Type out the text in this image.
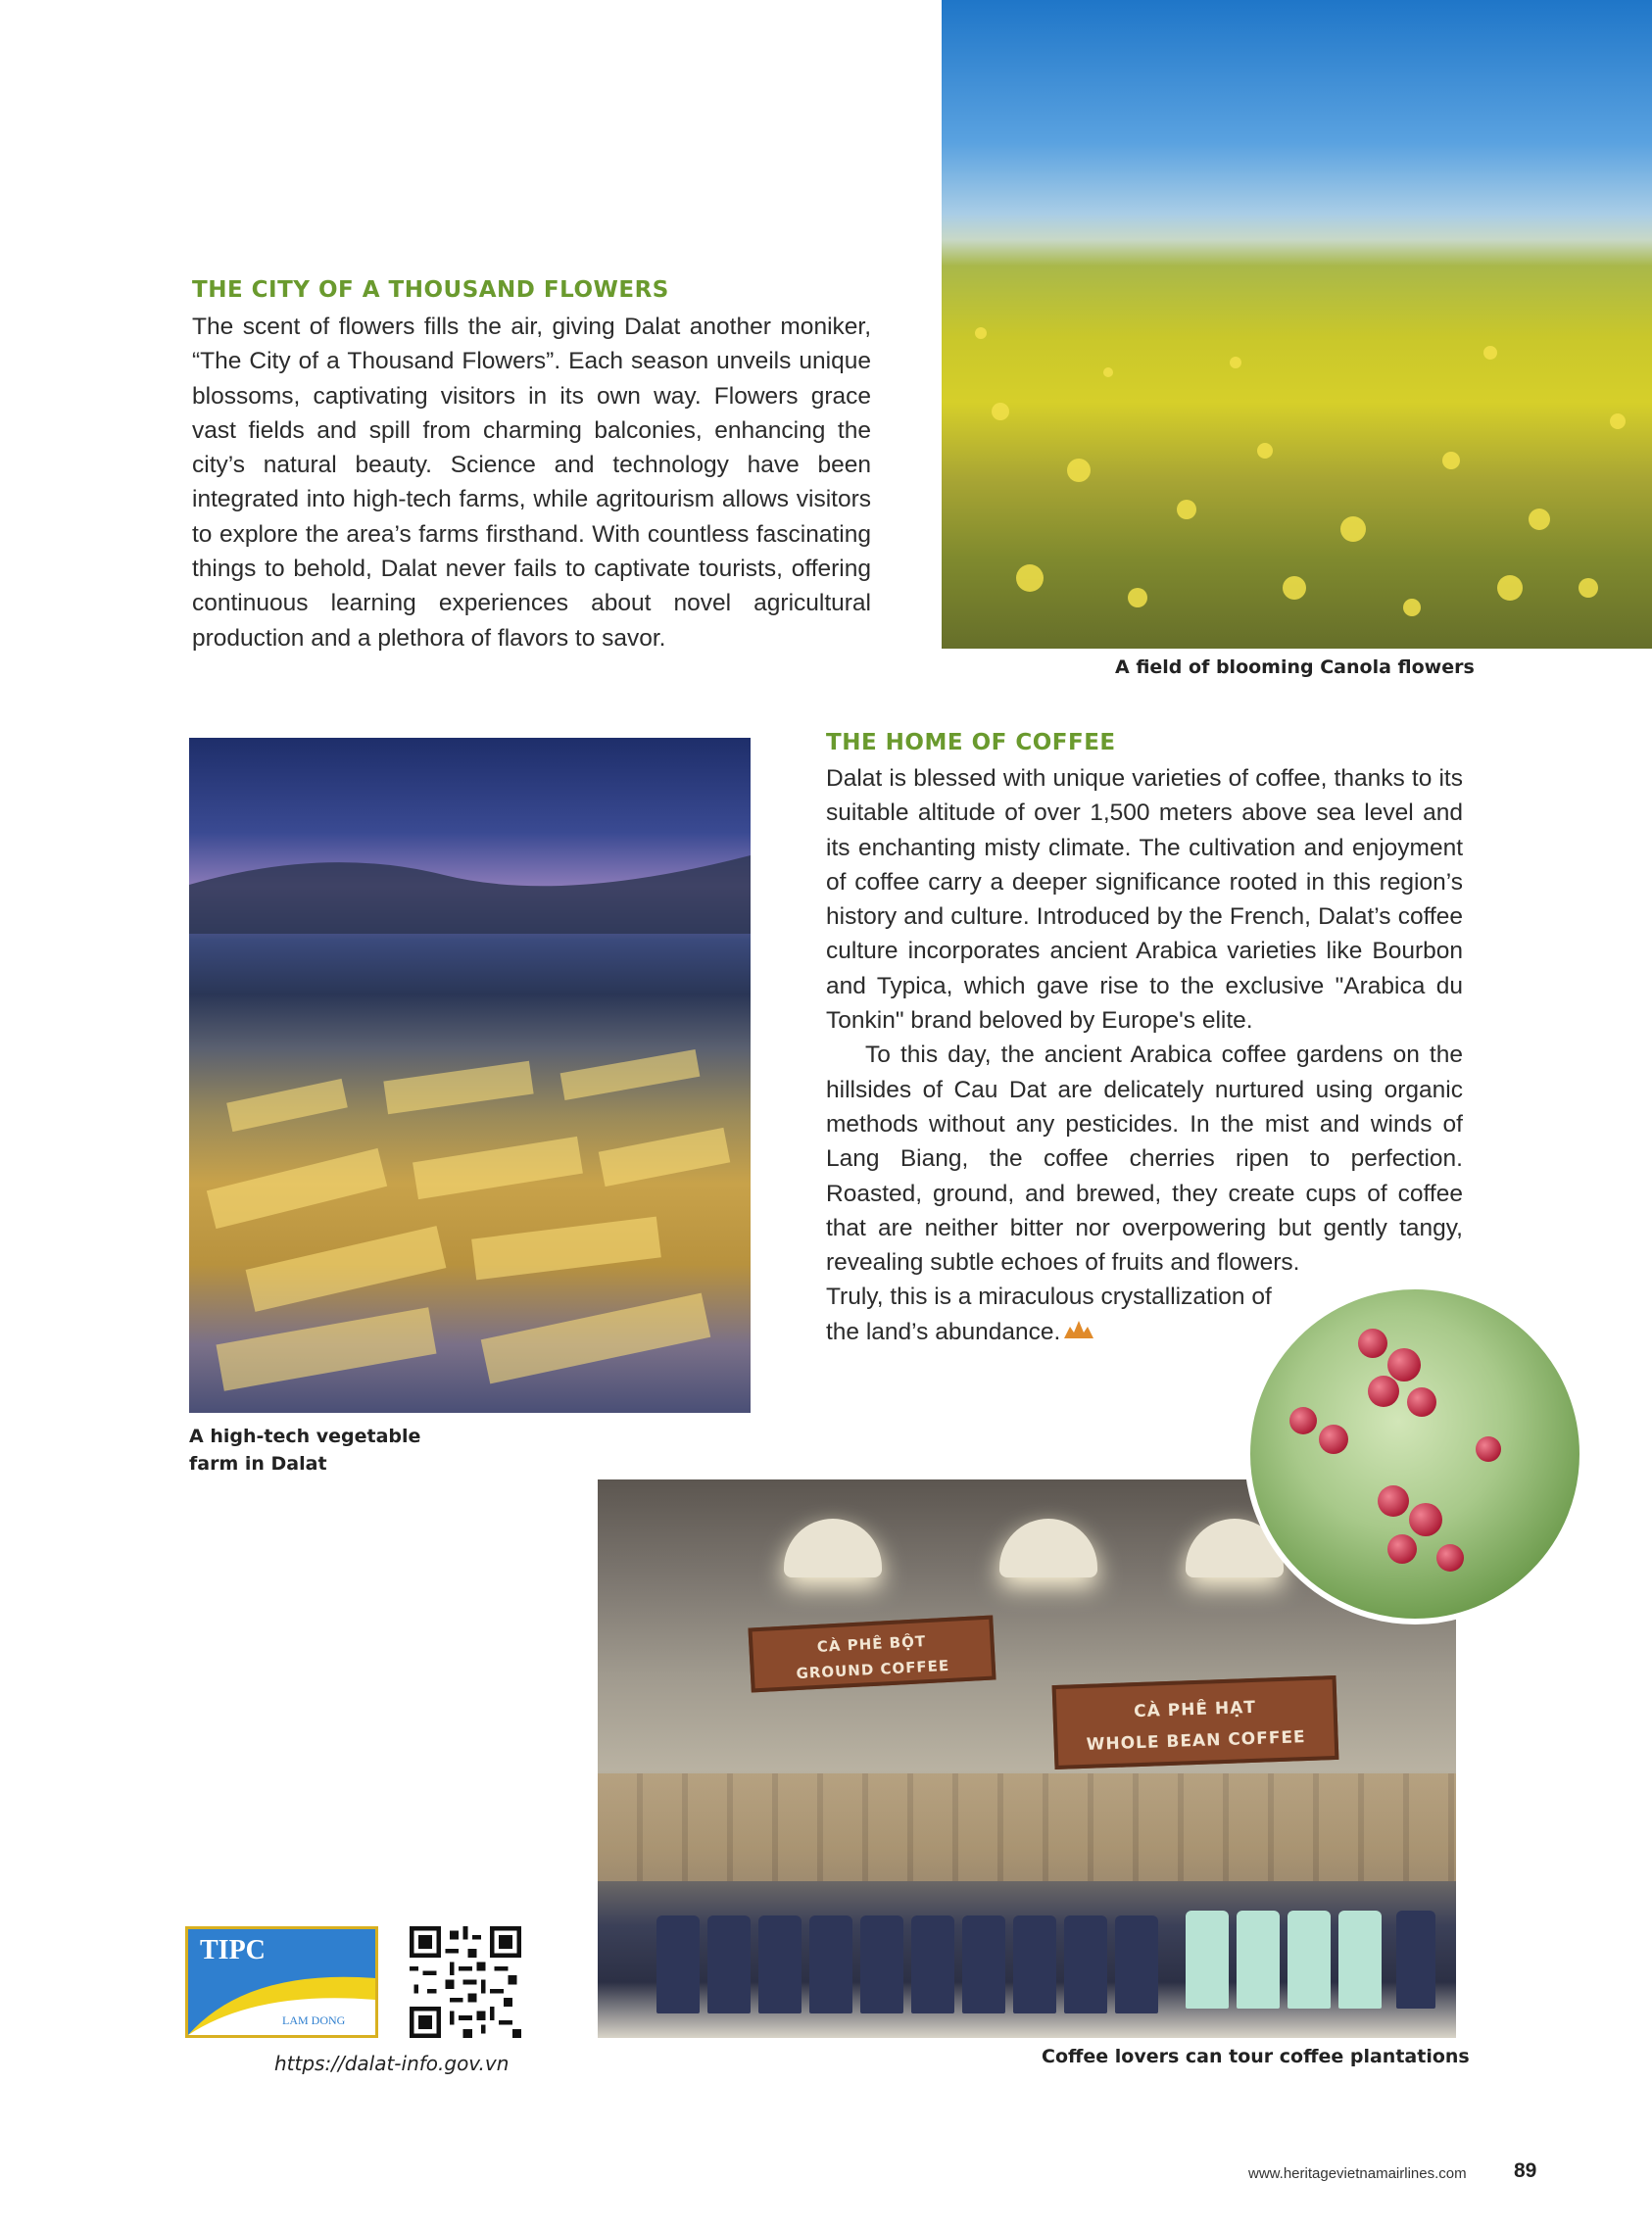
A field of blooming Canola flowers
THE CITY OF A THOUSAND FLOWERS

The scent of flowers fills the air, giving Dalat another moniker, “The City of a Thousand Flowers”. Each season unveils unique blossoms, captivating visitors in its own way. Flowers grace vast fields and spill from charming balconies, enhancing the city’s natural beauty. Science and technology have been integrated into high-tech farms, while agritourism allows visitors to explore the area’s farms firsthand. With countless fascinating things to behold, Dalat never fails to captivate tourists, offering continuous learning experiences about novel agricultural production and a plethora of flavors to savor.

A high-tech vegetable
farm in Dalat
THE HOME OF COFFEE

Dalat is blessed with unique varieties of coffee, thanks to its suitable altitude of over 1,500 meters above sea level and its enchanting misty climate. The cultivation and enjoyment of coffee carry a deeper significance rooted in this region’s history and culture. Introduced by the French, Dalat’s coffee culture incorporates ancient Arabica varieties like Bourbon and Typica, which gave rise to the exclusive "Arabica du Tonkin" brand beloved by Europe's elite.

To this day, the ancient Arabica coffee gardens on the hillsides of Cau Dat are delicately nurtured using organic methods without any pesticides. In the mist and winds of Lang Biang, the coffee cherries ripen to perfection. Roasted, ground, and brewed, they create cups of coffee that are neither bitter nor overpowering but gently tangy, revealing subtle echoes of fruits and flowers.

Truly, this is a miraculous crystallization of

the land’s abundance.

CÀ PHÊ BỘT
GROUND COFFEE
CÀ PHÊ HẠT
WHOLE BEAN COFFEE
Coffee lovers can tour coffee plantations
TIPC
LAM DONG
https://dalat-info.gov.vn
www.heritagevietnamairlines.com 89
